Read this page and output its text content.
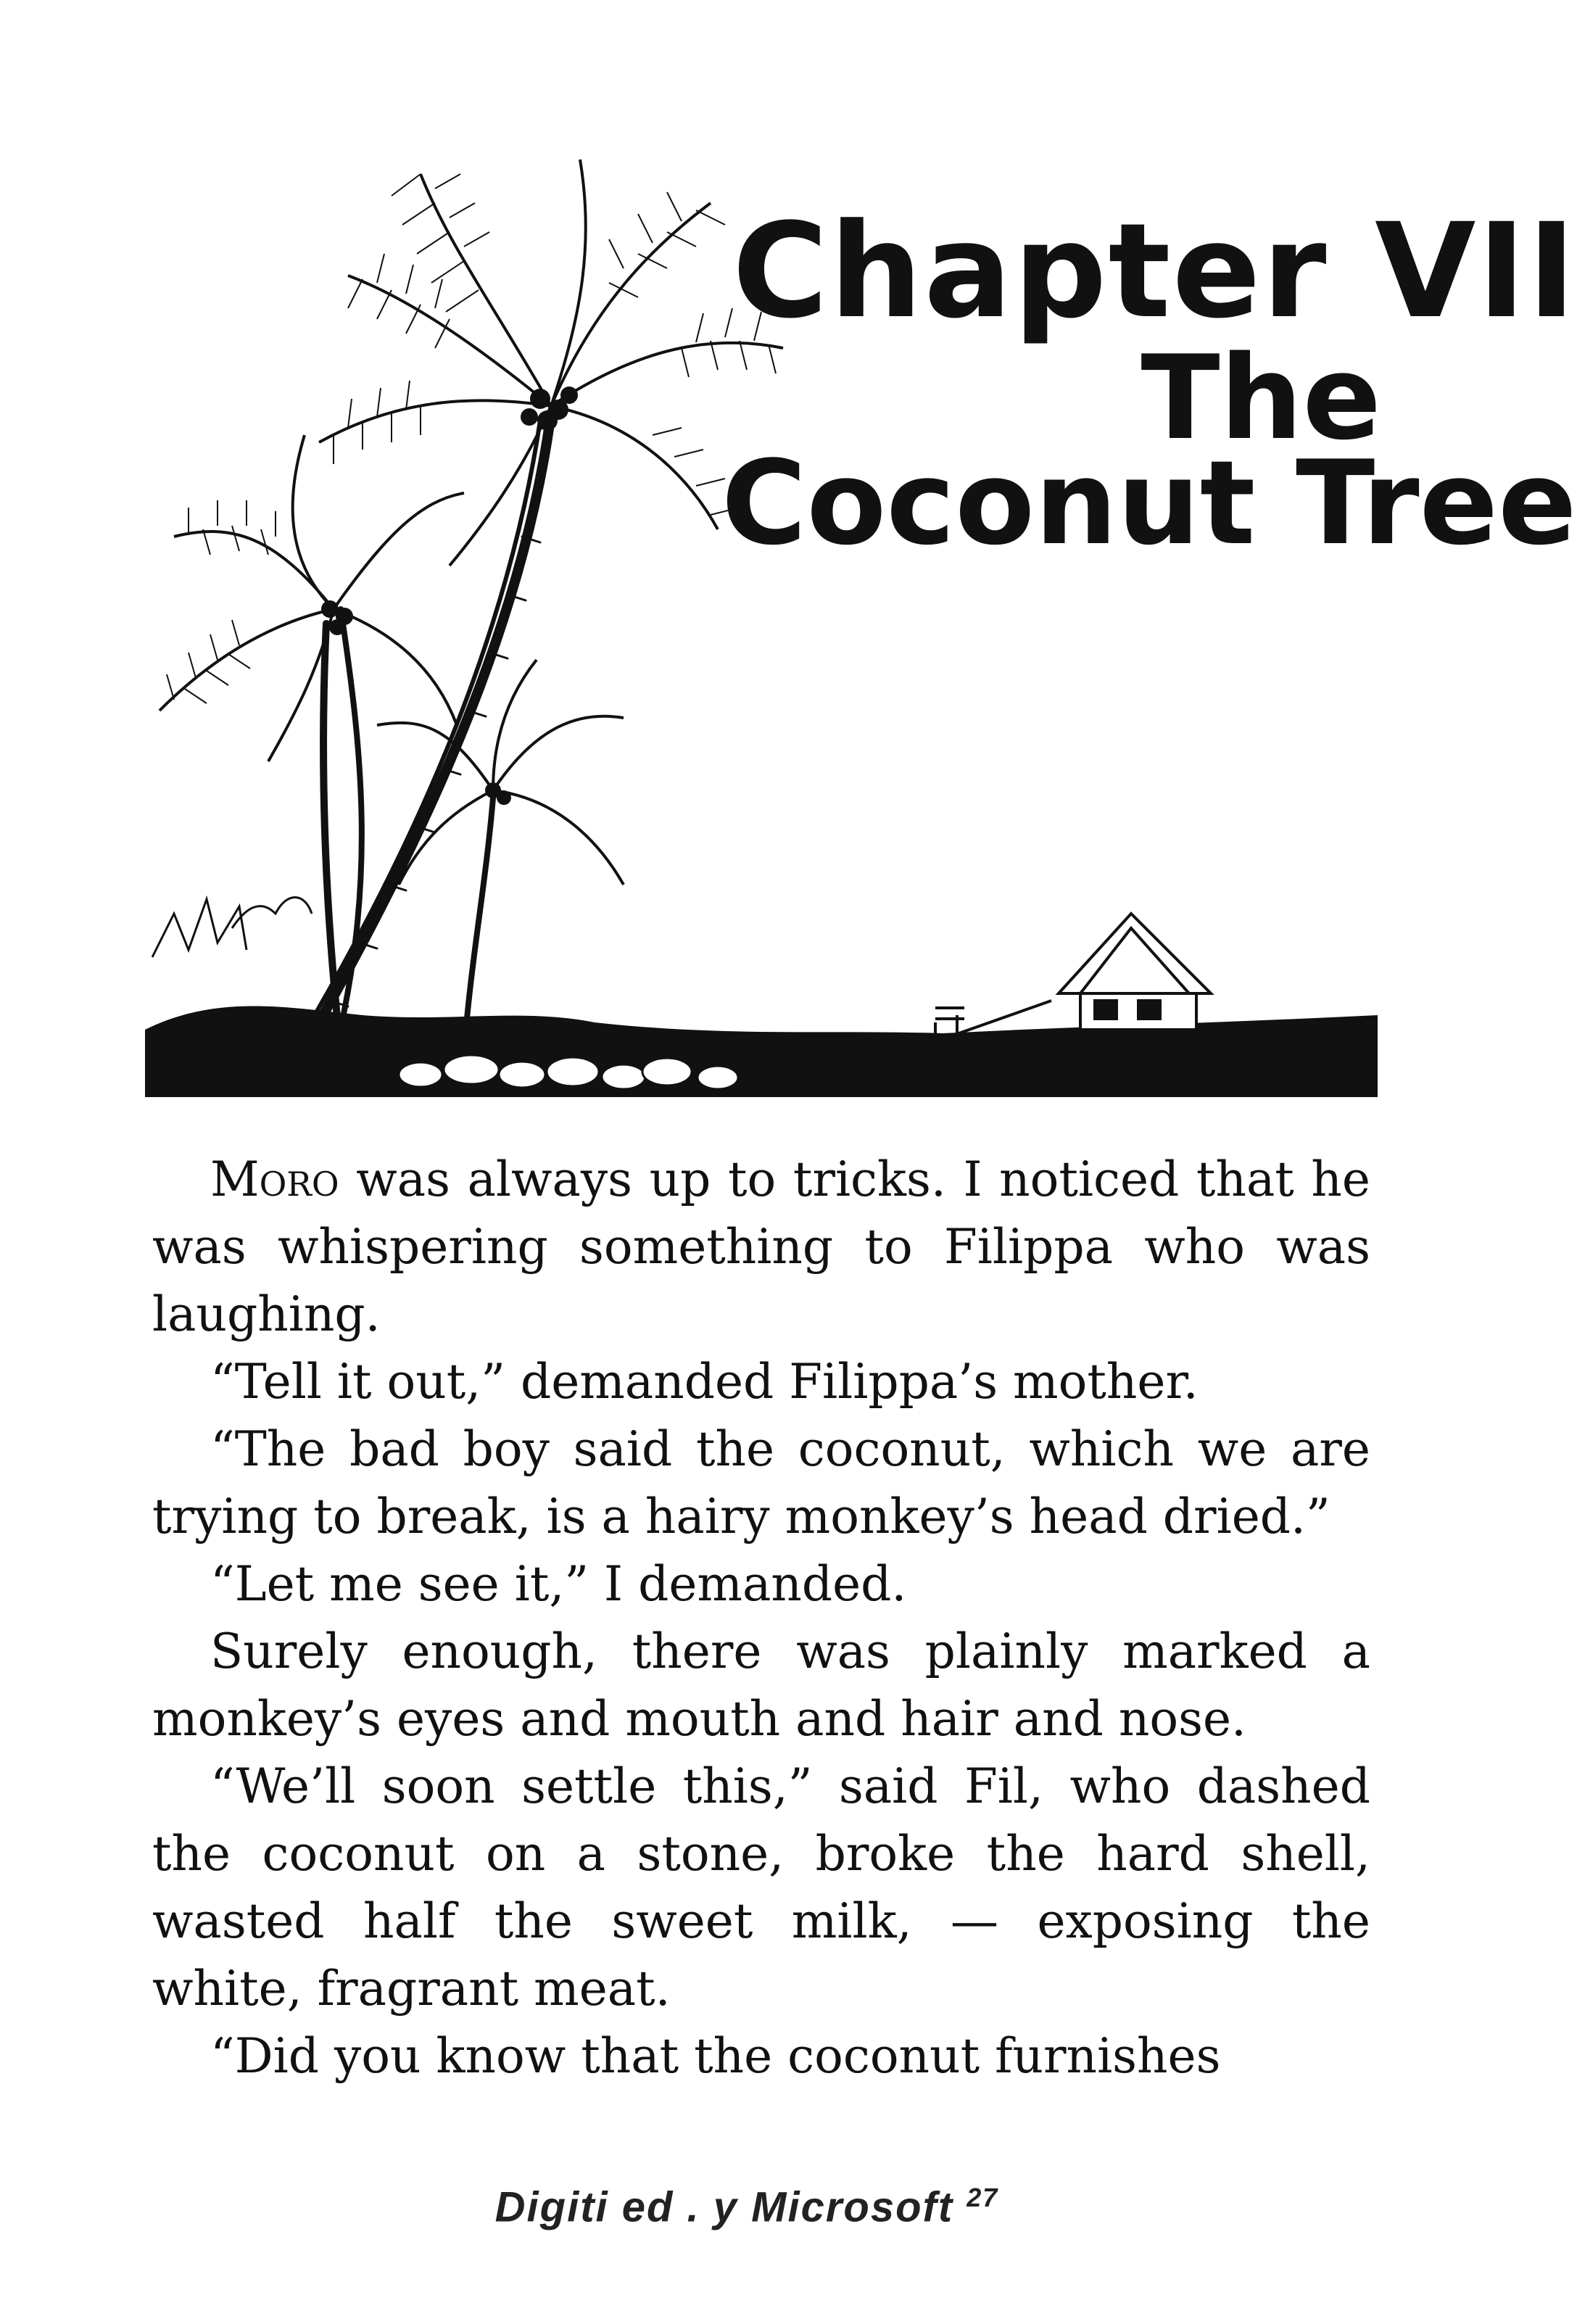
Chapter VII
The
Coconut Tree

Moro was always up to tricks. I noticed that he was whispering something to Filippa who was laughing.

“Tell it out,” demanded Filippa’s mother.

“The bad boy said the coconut, which we are trying to break, is a hairy monkey’s head dried.”

“Let me see it,” I demanded.

Surely enough, there was plainly marked a monkey’s eyes and mouth and hair and nose.

“We’ll soon settle this,” said Fil, who dashed the coconut on a stone, broke the hard shell, wasted half the sweet milk, — exposing the white, fragrant meat.

“Did you know that the coconut furnishes

Digiti ed . y Microsoft $^{27}$
